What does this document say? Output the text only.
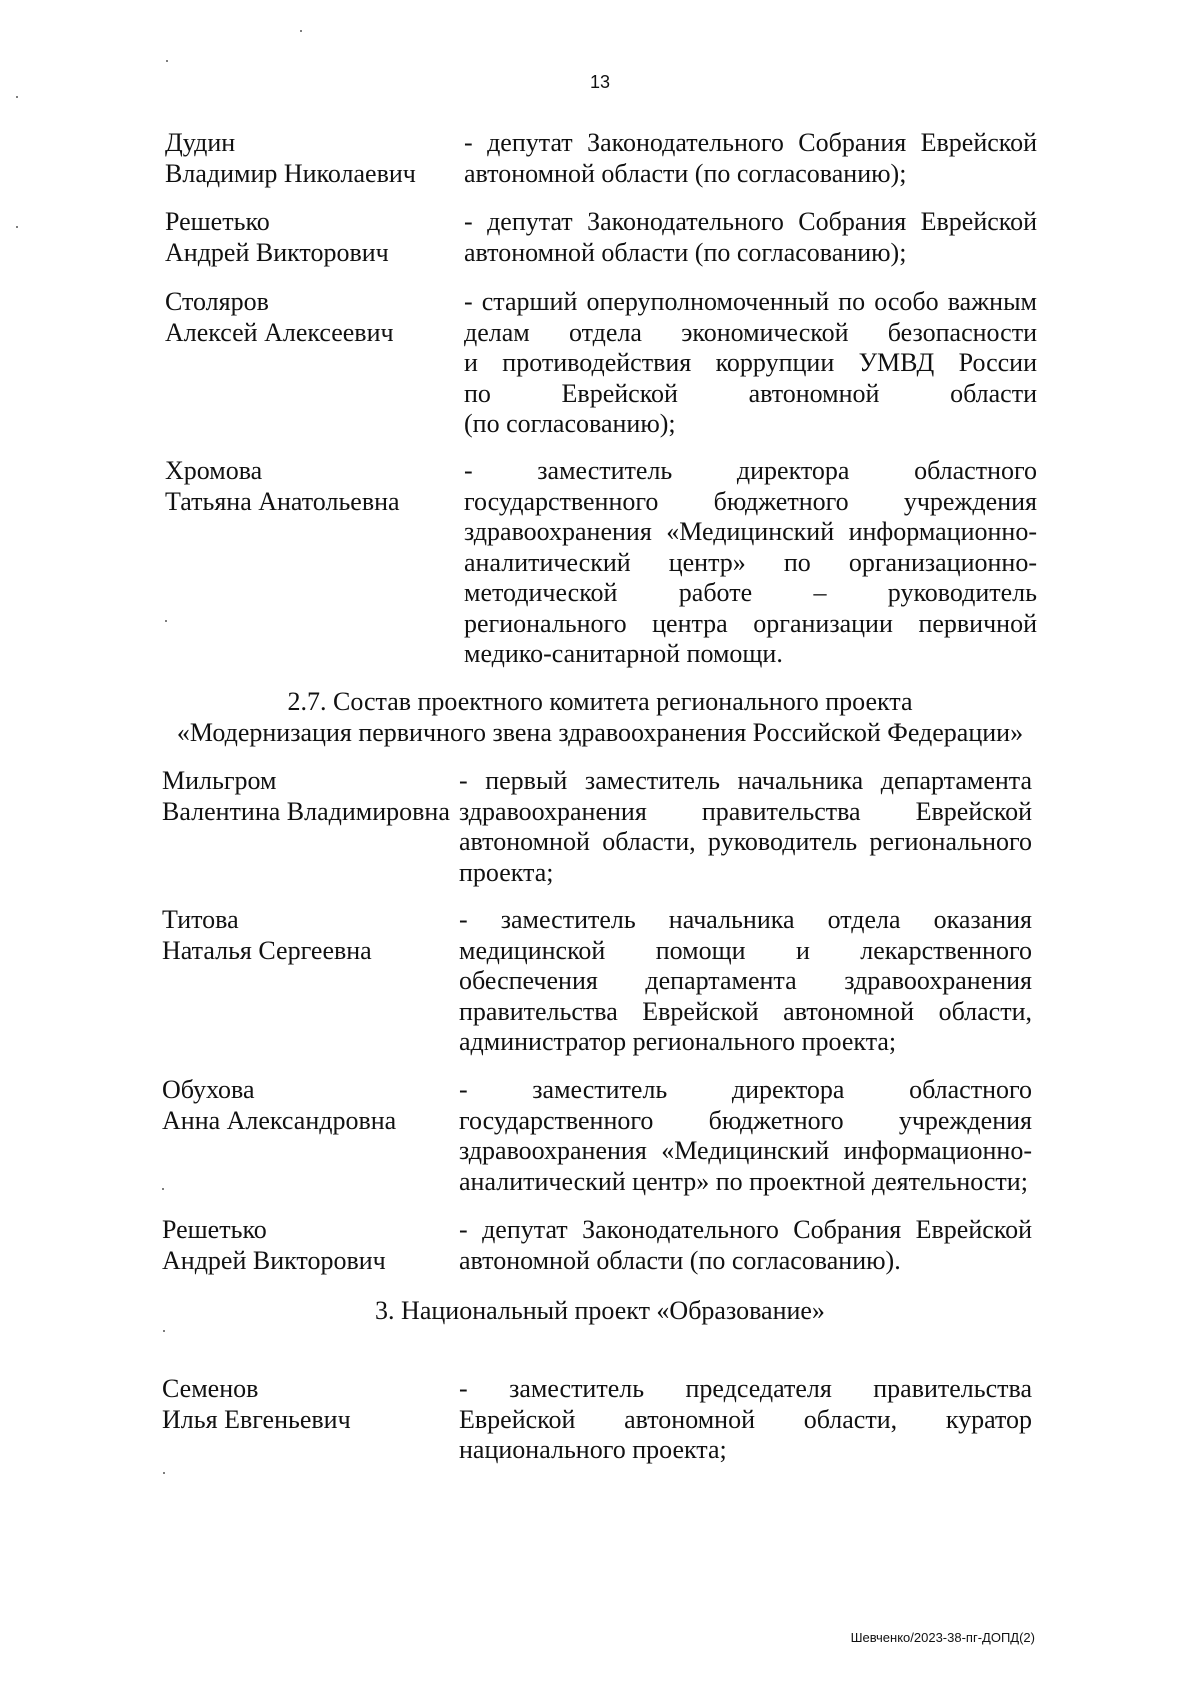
13
Дудин
Владимир Николаевич
- депутат Законодательного Собрания Еврейской
автономной области (по согласованию);
Решетько
Андрей Викторович
- депутат Законодательного Собрания Еврейской
автономной области (по согласованию);
Столяров
Алексей Алексеевич
- старший оперуполномоченный по особо важным
делам отдела экономической безопасности
и противодействия коррупции УМВД России
по Еврейской автономной области
(по согласованию);
Хромова
Татьяна Анатольевна
- заместитель директора областного
государственного бюджетного учреждения
здравоохранения «Медицинский информационно-
аналитический центр» по организационно-
методической работе – руководитель
регионального центра организации первичной
медико-санитарной помощи.
2.7. Состав проектного комитета регионального проекта
«Модернизация первичного звена здравоохранения Российской Федерации»
Мильгром
Валентина Владимировна
- первый заместитель начальника департамента
здравоохранения правительства Еврейской
автономной области, руководитель регионального
проекта;
Титова
Наталья Сергеевна
- заместитель начальника отдела оказания
медицинской помощи и лекарственного
обеспечения департамента здравоохранения
правительства Еврейской автономной области,
администратор регионального проекта;
Обухова
Анна Александровна
- заместитель директора областного
государственного бюджетного учреждения
здравоохранения «Медицинский информационно-
аналитический центр» по проектной деятельности;
Решетько
Андрей Викторович
- депутат Законодательного Собрания Еврейской
автономной области (по согласованию).
3. Национальный проект «Образование»
Семенов
Илья Евгеньевич
- заместитель председателя правительства
Еврейской автономной области, куратор
национального проекта;
Шевченко/2023-38-пг-ДОПД(2)
